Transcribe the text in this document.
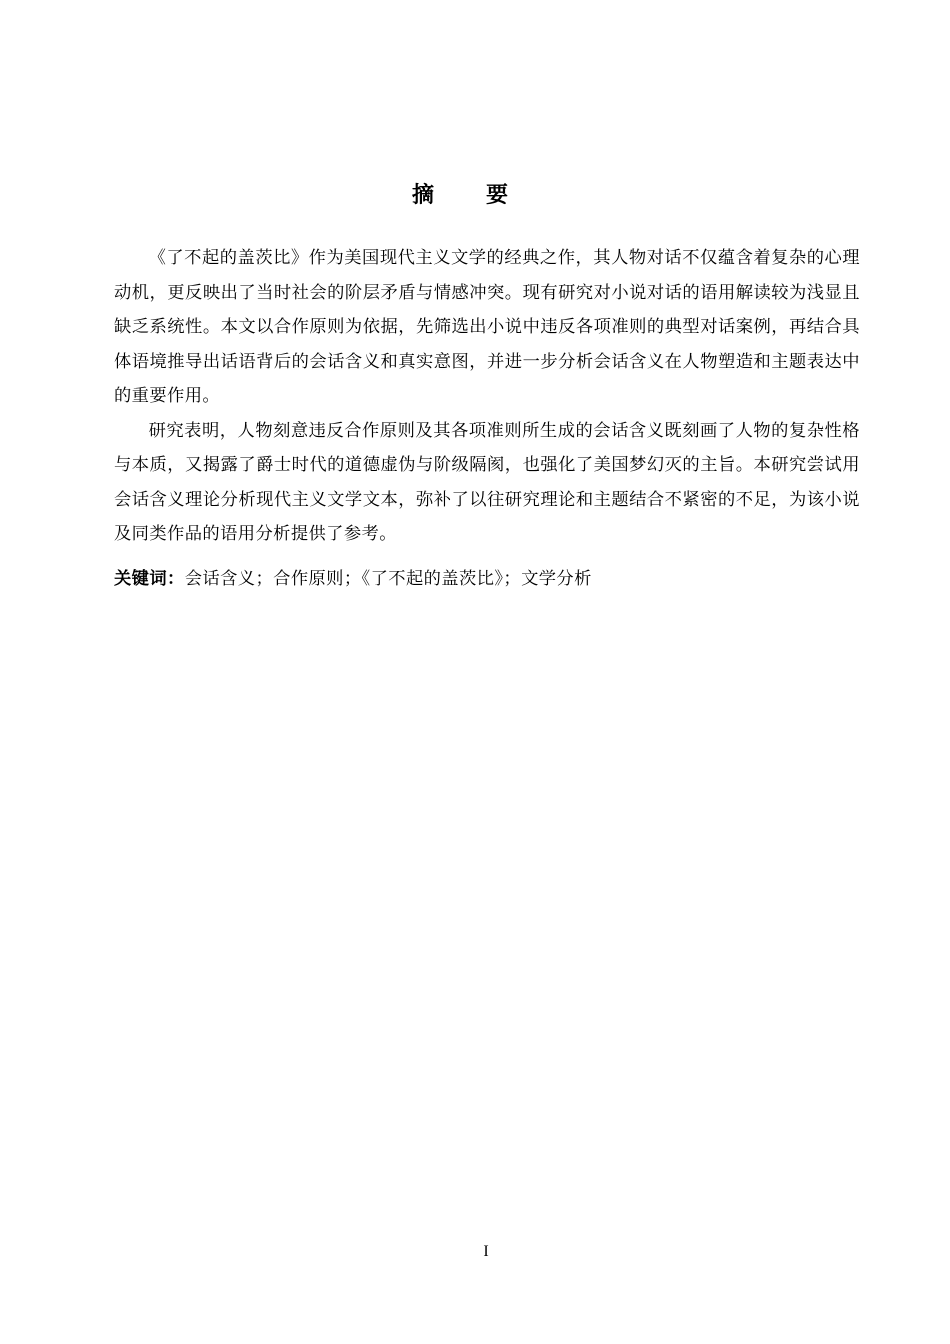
摘要

《了不起的盖茨比》作为美国现代主义文学的经典之作，其人物对话不仅蕴含着复杂的心理动机，更反映出了当时社会的阶层矛盾与情感冲突。现有研究对小说对话的语用解读较为浅显且缺乏系统性。本文以合作原则为依据，先筛选出小说中违反各项准则的典型对话案例，再结合具体语境推导出话语背后的会话含义和真实意图，并进一步分析会话含义在人物塑造和主题表达中的重要作用。

研究表明，人物刻意违反合作原则及其各项准则所生成的会话含义既刻画了人物的复杂性格与本质，又揭露了爵士时代的道德虚伪与阶级隔阂，也强化了美国梦幻灭的主旨。本研究尝试用会话含义理论分析现代主义文学文本，弥补了以往研究理论和主题结合不紧密的不足，为该小说及同类作品的语用分析提供了参考。

关键词：会话含义；合作原则；《了不起的盖茨比》；文学分析

I
